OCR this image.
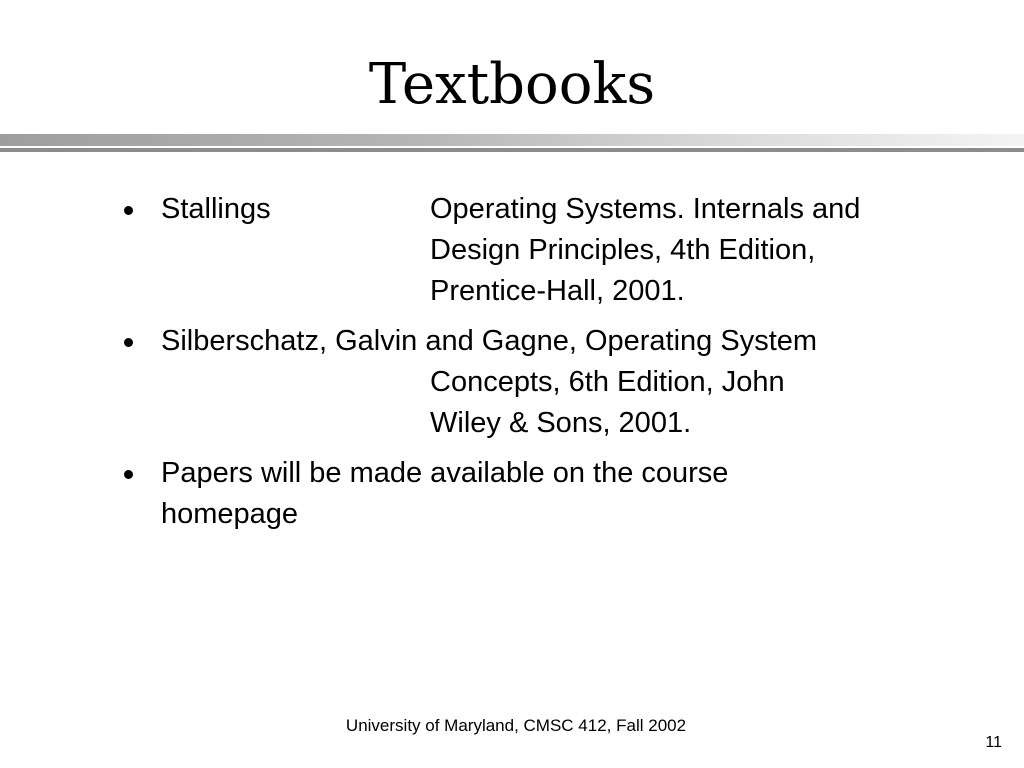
Textbooks
Stallings	Operating Systems. Internals and
Design Principles, 4th Edition,
Prentice-Hall, 2001.
Silberschatz, Galvin and Gagne, Operating System
Concepts, 6th Edition, John
Wiley & Sons, 2001.
Papers will be made available on the course
homepage
University of Maryland, CMSC 412, Fall 2002
11
